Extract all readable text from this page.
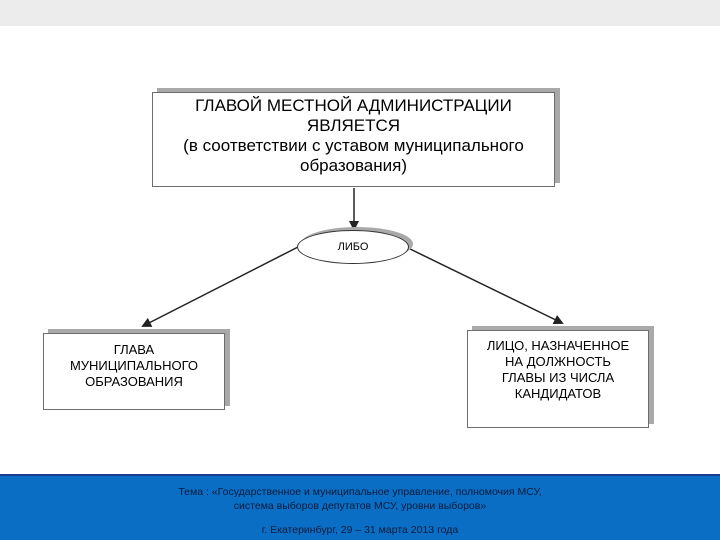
ГЛАВОЙ МЕСТНОЙ АДМИНИСТРАЦИИ
ЯВЛЯЕТСЯ
(в соответствии с уставом муниципального
образования)
ЛИБО
ГЛАВА
МУНИЦИПАЛЬНОГО
ОБРАЗОВАНИЯ
ЛИЦО, НАЗНАЧЕННОЕ
НА ДОЛЖНОСТЬ
ГЛАВЫ ИЗ ЧИСЛА
КАНДИДАТОВ
Тема : «Государственное и муниципальное управление, полномочия МСУ,
система выборов депутатов МСУ, уровни выборов»
г. Екатеринбург, 29 – 31 марта 2013 года
